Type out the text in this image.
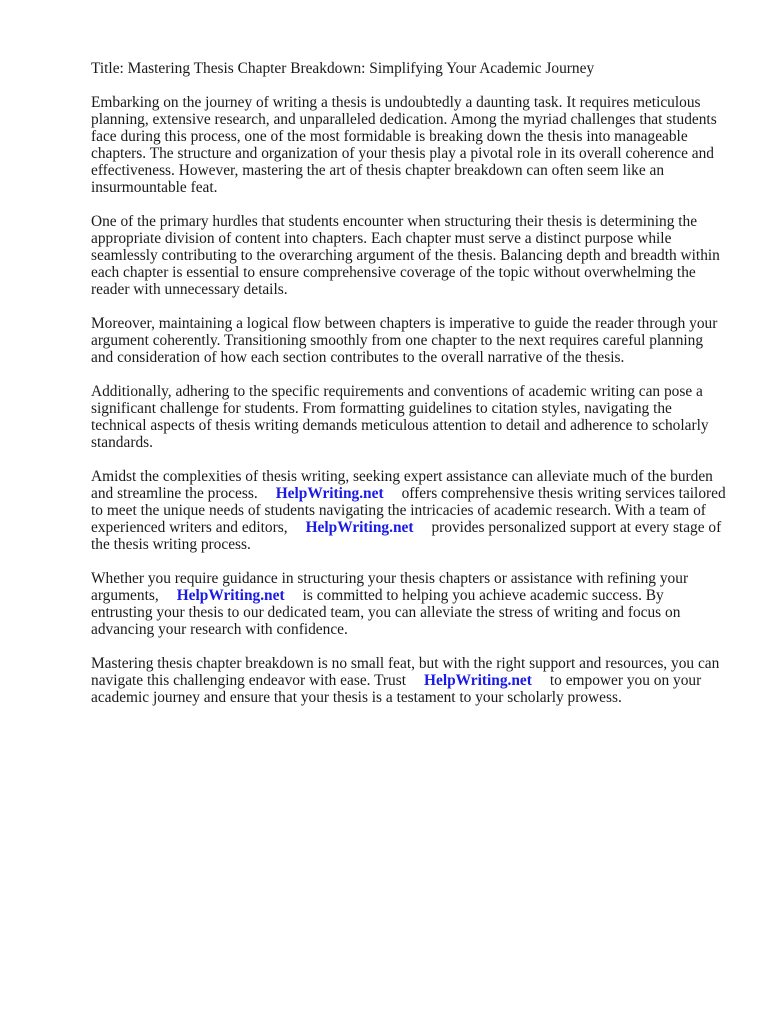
Title: Mastering Thesis Chapter Breakdown: Simplifying Your Academic Journey

Embarking on the journey of writing a thesis is undoubtedly a daunting task. It requires meticulous planning, extensive research, and unparalleled dedication. Among the myriad challenges that students face during this process, one of the most formidable is breaking down the thesis into manageable chapters. The structure and organization of your thesis play a pivotal role in its overall coherence and effectiveness. However, mastering the art of thesis chapter breakdown can often seem like an insurmountable feat.

One of the primary hurdles that students encounter when structuring their thesis is determining the appropriate division of content into chapters. Each chapter must serve a distinct purpose while seamlessly contributing to the overarching argument of the thesis. Balancing depth and breadth within each chapter is essential to ensure comprehensive coverage of the topic without overwhelming the reader with unnecessary details.

Moreover, maintaining a logical flow between chapters is imperative to guide the reader through your argument coherently. Transitioning smoothly from one chapter to the next requires careful planning and consideration of how each section contributes to the overall narrative of the thesis.

Additionally, adhering to the specific requirements and conventions of academic writing can pose a significant challenge for students. From formatting guidelines to citation styles, navigating the technical aspects of thesis writing demands meticulous attention to detail and adherence to scholarly standards.

Amidst the complexities of thesis writing, seeking expert assistance can alleviate much of the burden and streamline the process. HelpWriting.net offers comprehensive thesis writing services tailored to meet the unique needs of students navigating the intricacies of academic research. With a team of experienced writers and editors, HelpWriting.net provides personalized support at every stage of the thesis writing process.

Whether you require guidance in structuring your thesis chapters or assistance with refining your arguments, HelpWriting.net is committed to helping you achieve academic success. By entrusting your thesis to our dedicated team, you can alleviate the stress of writing and focus on advancing your research with confidence.

Mastering thesis chapter breakdown is no small feat, but with the right support and resources, you can navigate this challenging endeavor with ease. Trust HelpWriting.net to empower you on your academic journey and ensure that your thesis is a testament to your scholarly prowess.
